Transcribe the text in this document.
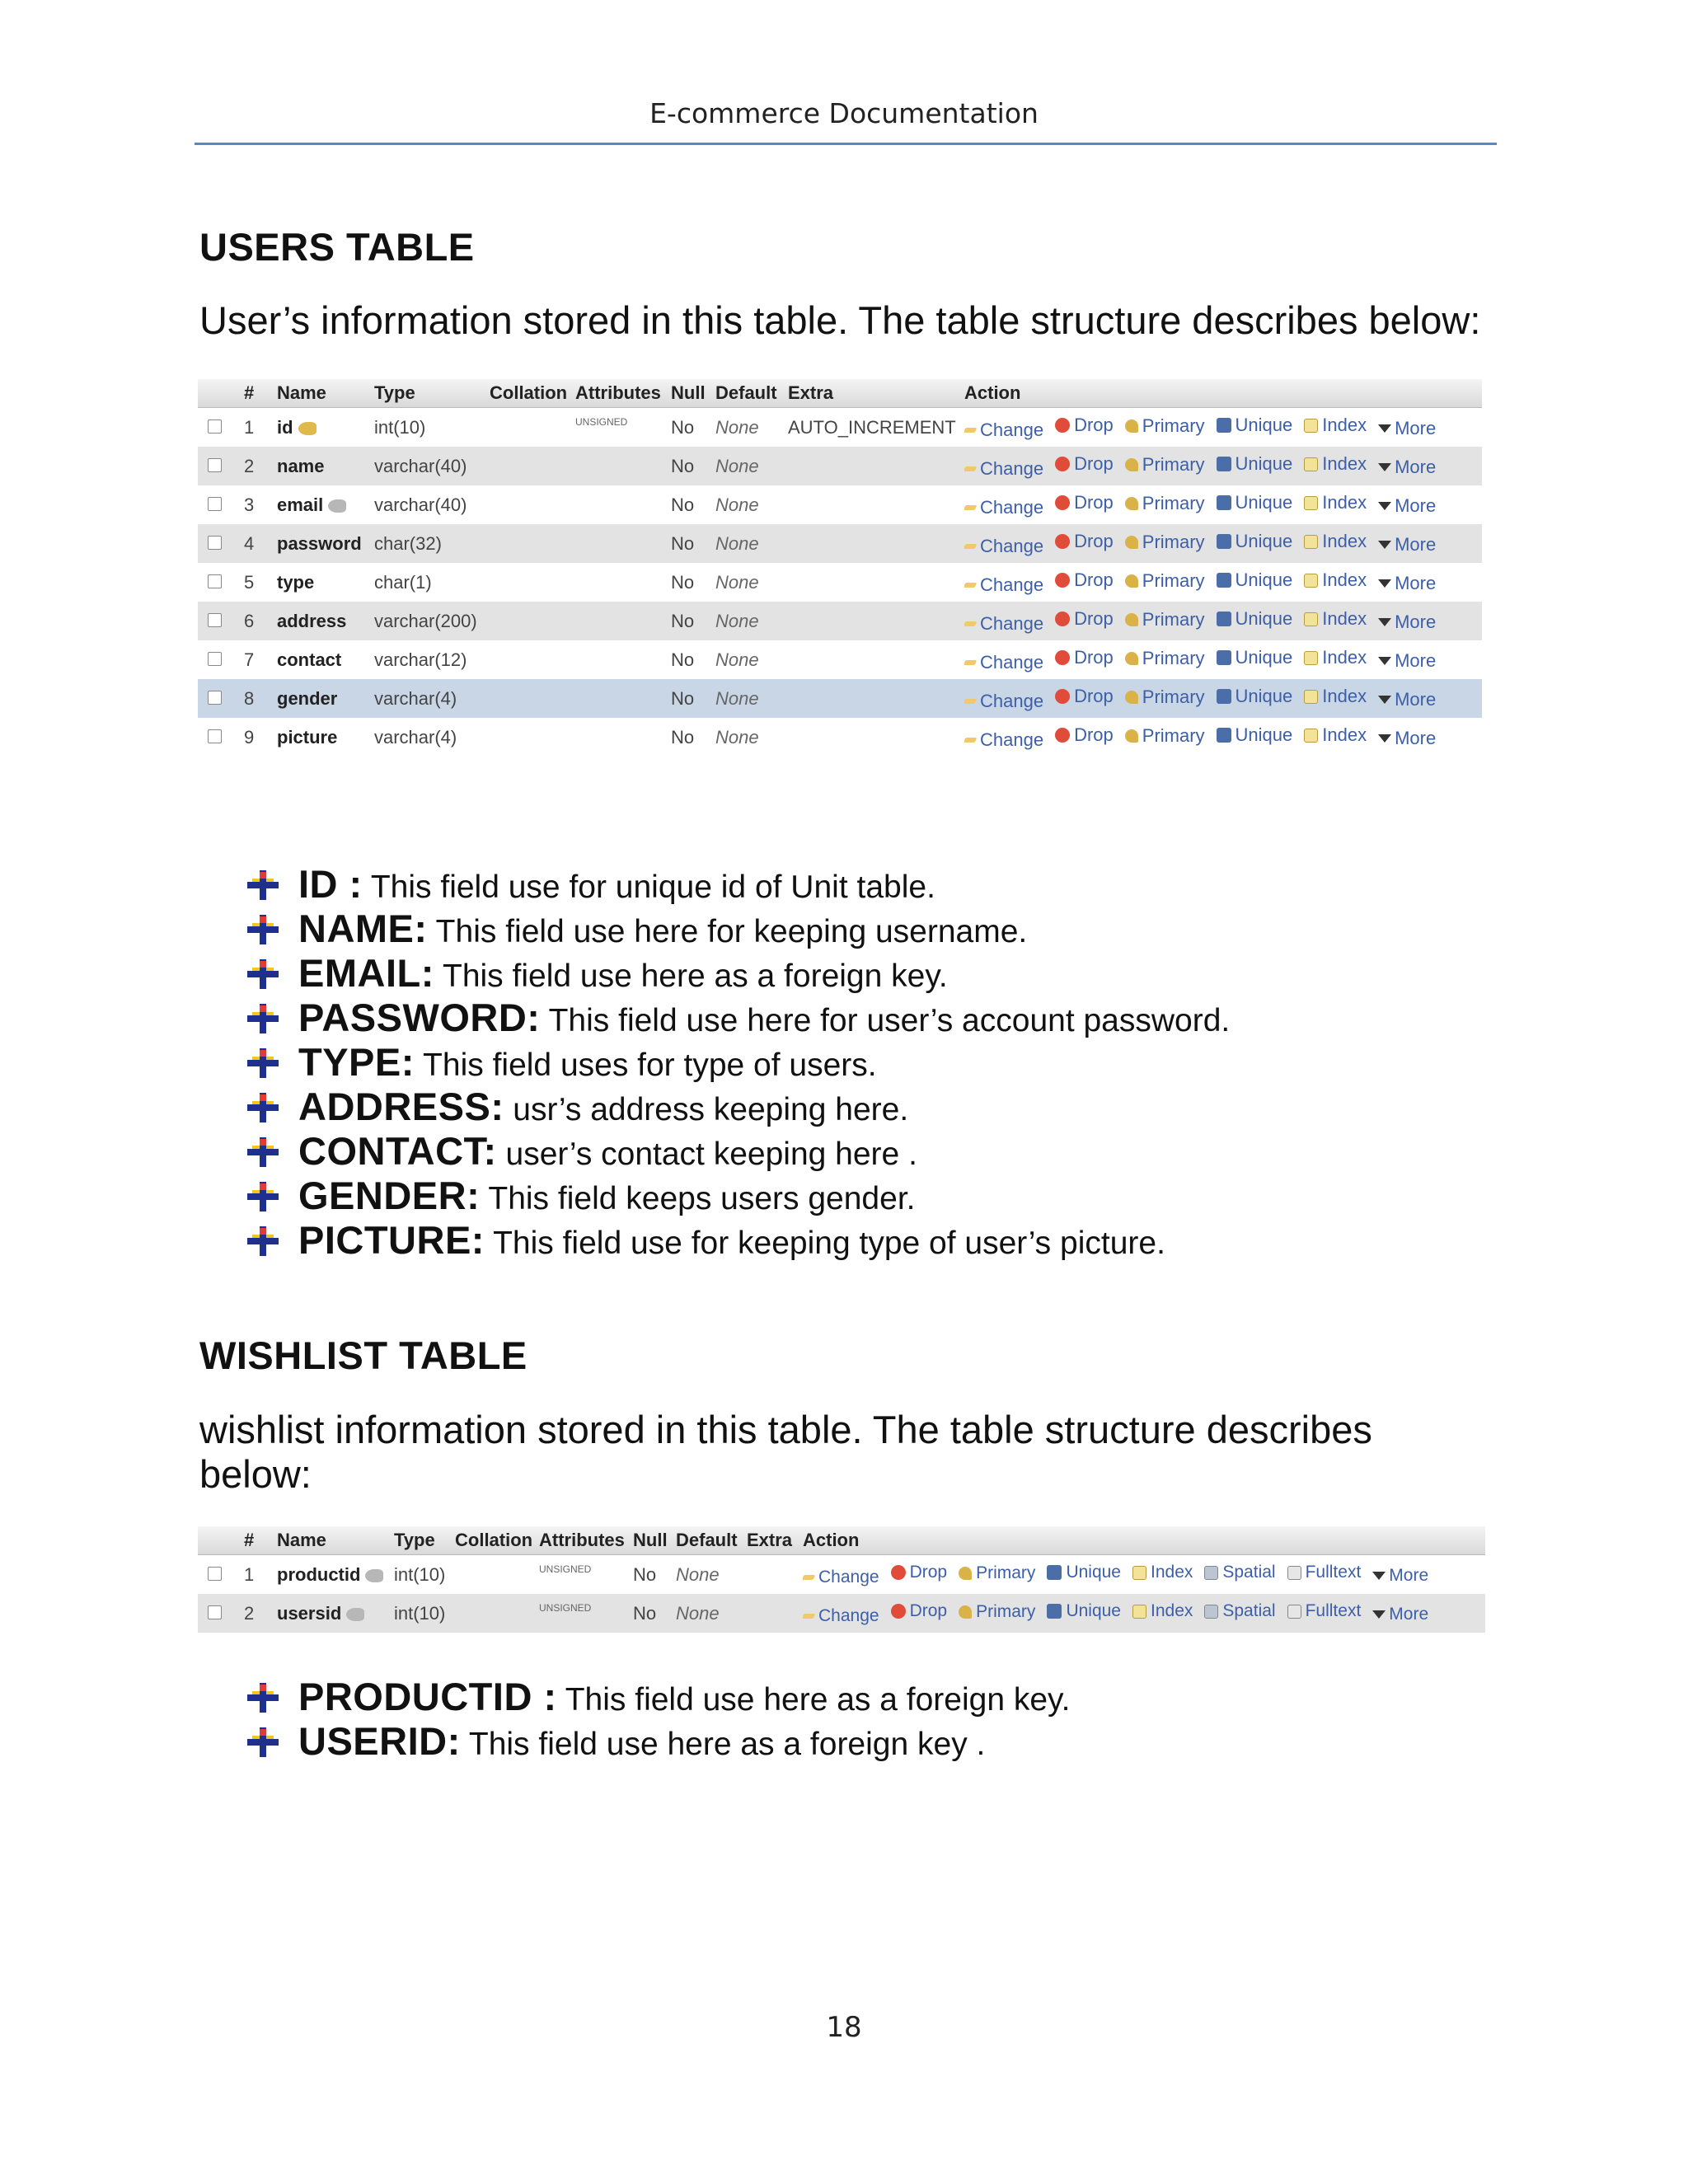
E-commerce Documentation
USERS TABLE
User’s information stored in this table. The table structure describes below:
#	Name	Type	Collation Attributes Null Default Extra	Action
1	id	int(10)	$^{UNSIGNED}$	No	None	AUTO_INCREMENT	Change Drop Primary Unique Index More
2	name	varchar(40)	No	None	Change Drop Primary Unique Index More
3	email	varchar(40)	No	None	Change Drop Primary Unique Index More
4	password char(32)	No	None	Change Drop Primary Unique Index More
5	type	char(1)	No	None	Change Drop Primary Unique Index More
6	address	varchar(200)	No	None	Change Drop Primary Unique Index More
7	contact	varchar(12)	No	None	Change Drop Primary Unique Index More
8	gender	varchar(4)	No	None	Change Drop Primary Unique Index More
9	picture	varchar(4)	No	None	Change Drop Primary Unique Index More
ID : This field use for unique id of Unit table.
NAME: This field use here for keeping username.
EMAIL: This field use here as a foreign key.
PASSWORD: This field use here for user’s account password.
TYPE: This field uses for type of users.
ADDRESS: usr’s address keeping here.
CONTACT: user’s contact keeping here .
GENDER: This field keeps users gender.
PICTURE: This field use for keeping type of user’s picture.
WISHLIST TABLE
wishlist information stored in this table. The table structure describes below:
#	Name	Type	Collation Attributes Null Default Extra Action
1	productid	int(10)	$^{UNSIGNED}$	No	None	Change Drop Primary Unique Index Spatial Fulltext More
2	usersid	int(10)	$^{UNSIGNED}$	No	None	Change Drop Primary Unique Index Spatial Fulltext More
PRODUCTID : This field use here as a foreign key.
USERID: This field use here as a foreign key .
18
